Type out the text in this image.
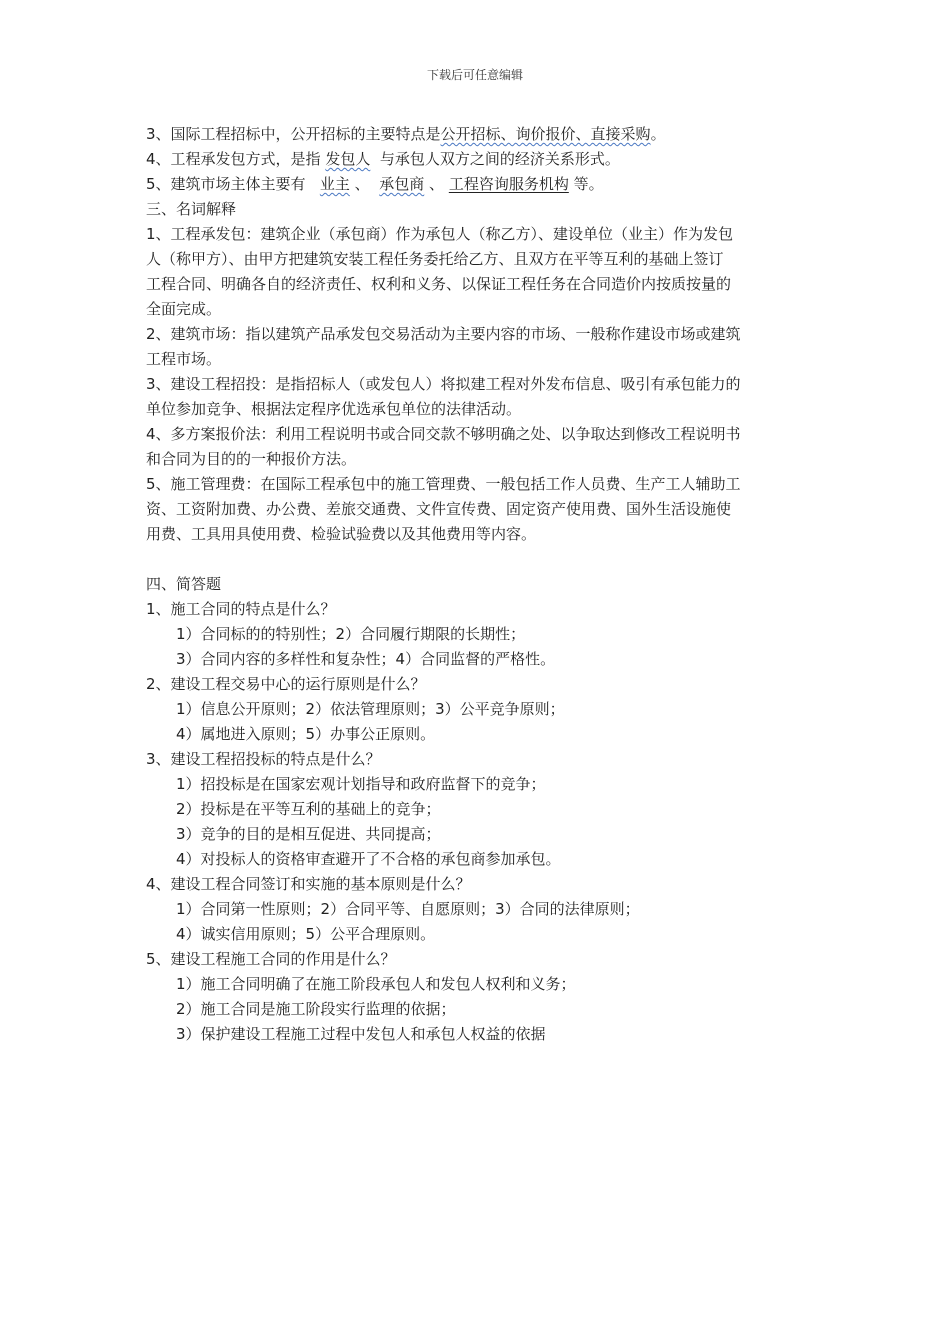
下载后可任意编辑
3、国际工程招标中，公开招标的主要特点是公开招标、询价报价、直接采购。
4、工程承发包方式，是指 发包人 与承包人双方之间的经济关系形式。
5、建筑市场主体主要有 业主 、 承包商 、 工程咨询服务机构 等。
三、名词解释
1、工程承发包：建筑企业（承包商）作为承包人（称乙方）、建设单位（业主）作为发包
人（称甲方）、由甲方把建筑安装工程任务委托给乙方、且双方在平等互利的基础上签订
工程合同、明确各自的经济责任、权利和义务、以保证工程任务在合同造价内按质按量的
全面完成。
2、建筑市场：指以建筑产品承发包交易活动为主要内容的市场、一般称作建设市场或建筑
工程市场。
3、建设工程招投：是指招标人（或发包人）将拟建工程对外发布信息、吸引有承包能力的
单位参加竞争、根据法定程序优选承包单位的法律活动。
4、多方案报价法：利用工程说明书或合同交款不够明确之处、以争取达到修改工程说明书
和合同为目的的一种报价方法。
5、施工管理费：在国际工程承包中的施工管理费、一般包括工作人员费、生产工人辅助工
资、工资附加费、办公费、差旅交通费、文件宣传费、固定资产使用费、国外生活设施使
用费、工具用具使用费、检验试验费以及其他费用等内容。
四、简答题
1、施工合同的特点是什么？
1）合同标的的特别性；2）合同履行期限的长期性；
3）合同内容的多样性和复杂性；4）合同监督的严格性。
2、建设工程交易中心的运行原则是什么？
1）信息公开原则；2）依法管理原则；3）公平竞争原则；
4）属地进入原则；5）办事公正原则。
3、建设工程招投标的特点是什么？
1）招投标是在国家宏观计划指导和政府监督下的竞争；
2）投标是在平等互利的基础上的竞争；
3）竞争的目的是相互促进、共同提高；
4）对投标人的资格审查避开了不合格的承包商参加承包。
4、建设工程合同签订和实施的基本原则是什么？
1）合同第一性原则；2）合同平等、自愿原则；3）合同的法律原则；
4）诚实信用原则；5）公平合理原则。
5、建设工程施工合同的作用是什么？
1）施工合同明确了在施工阶段承包人和发包人权利和义务；
2）施工合同是施工阶段实行监理的依据；
3）保护建设工程施工过程中发包人和承包人权益的依据
